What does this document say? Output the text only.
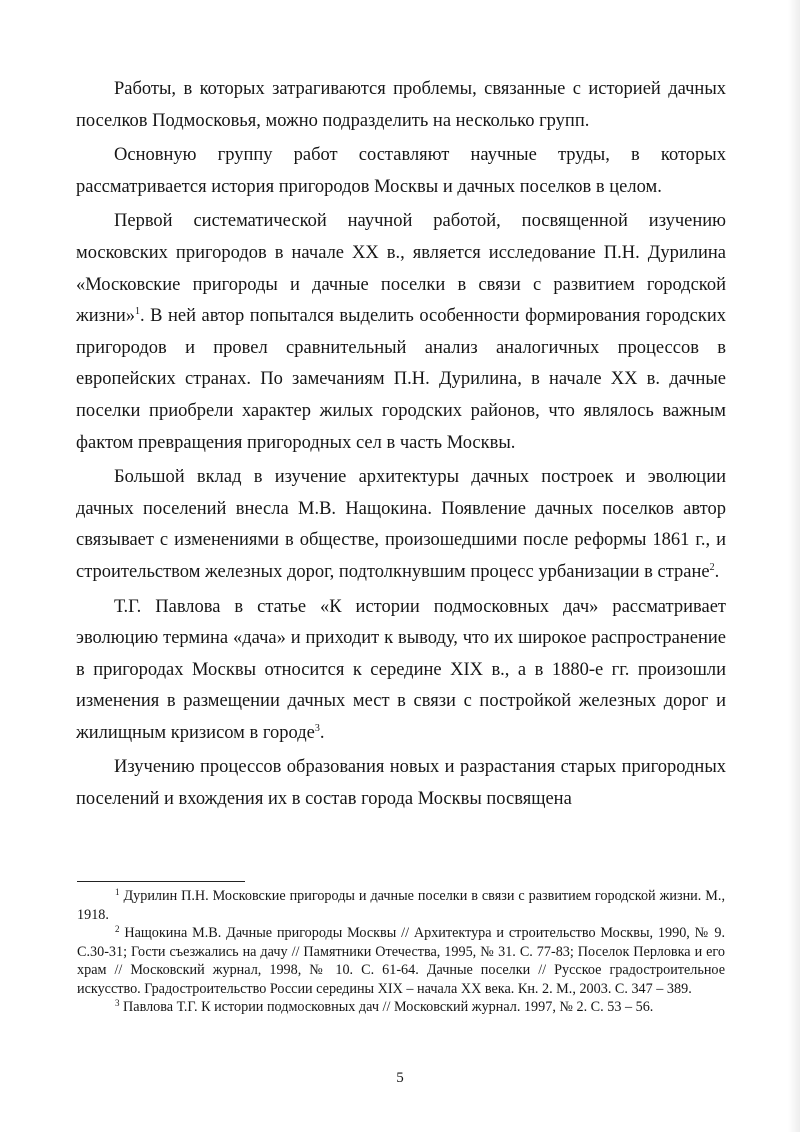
Работы, в которых затрагиваются проблемы, связанные с историей дачных поселков Подмосковья, можно подразделить на несколько групп.

Основную группу работ составляют научные труды, в которых рассматривается история пригородов Москвы и дачных поселков в целом.

Первой систематической научной работой, посвященной изучению московских пригородов в начале XX в., является исследование П.Н. Дурилина «Московские пригороды и дачные поселки в связи с развитием городской жизни»$^1$. В ней автор попытался выделить особенности формирования городских пригородов и провел сравнительный анализ аналогичных процессов в европейских странах. По замечаниям П.Н. Дурилина, в начале XX в. дачные поселки приобрели характер жилых городских районов, что являлось важным фактом превращения пригородных сел в часть Москвы.

Большой вклад в изучение архитектуры дачных построек и эволюции дачных поселений внесла М.В. Нащокина. Появление дачных поселков автор связывает с изменениями в обществе, произошедшими после реформы 1861 г., и строительством железных дорог, подтолкнувшим процесс урбанизации в стране$^2$.

Т.Г. Павлова в статье «К истории подмосковных дач» рассматривает эволюцию термина «дача» и приходит к выводу, что их широкое распространение в пригородах Москвы относится к середине XIX в., а в 1880-е гг. произошли изменения в размещении дачных мест в связи с постройкой железных дорог и жилищным кризисом в городе$^3$.

Изучению процессов образования новых и разрастания старых пригородных поселений и вхождения их в состав города Москвы посвящена

$^1$ Дурилин П.Н. Московские пригороды и дачные поселки в связи с развитием городской жизни. М., 1918.

$^2$ Нащокина М.В. Дачные пригороды Москвы // Архитектура и строительство Москвы, 1990, № 9. С.30-31; Гости съезжались на дачу // Памятники Отечества, 1995, № 31. С. 77-83; Поселок Перловка и его храм // Московский журнал, 1998, № 10. С. 61-64. Дачные поселки // Русское градостроительное искусство. Градостроительство России середины XIX – начала XX века. Кн. 2. М., 2003. С. 347 – 389.

$^3$ Павлова Т.Г. К истории подмосковных дач // Московский журнал. 1997, № 2. С. 53 – 56.

5
